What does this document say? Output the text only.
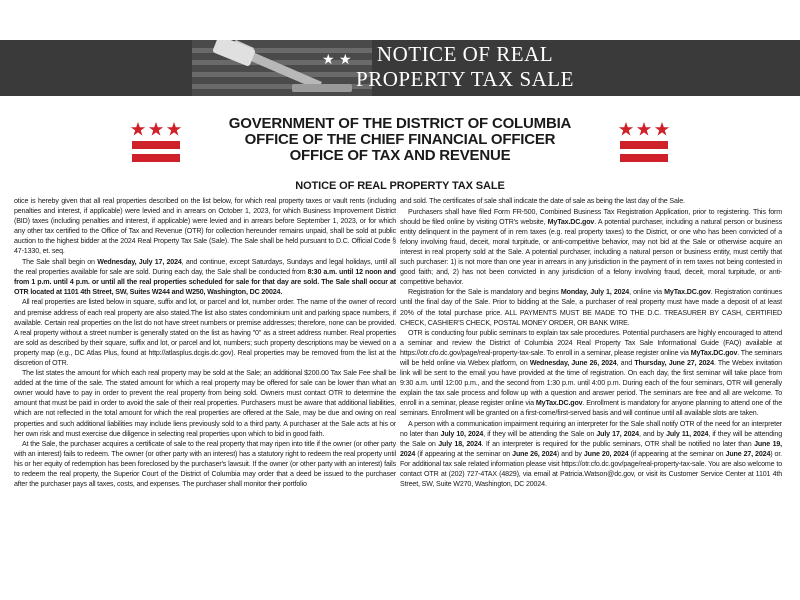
★ ★	NOTICE OF REAL
PROPERTY TAX SALE
GOVERNMENT OF THE DISTRICT OF COLUMBIA
OFFICE OF THE CHIEF FINANCIAL OFFICER
OFFICE OF TAX AND REVENUE
NOTICE OF REAL PROPERTY TAX SALE

otice is hereby given that all real properties described on the list below, for which real property taxes or vault rents (including penalties and interest, if applicable) were levied and in arrears on October 1, 2023, for which Business Improvement District (BID) taxes (including penalties and interest, if applicable) were levied and in arrears before September 1, 2023, or for which any other tax certified to the Office of Tax and Revenue (OTR) for collection hereunder remains unpaid, shall be sold at public auction to the highest bidder at the 2024 Real Property Tax Sale (Sale). The Sale shall be held pursuant to D.C. Official Code § 47-1330, et. seq.

The Sale shall begin on Wednesday, July 17, 2024, and continue, except Saturdays, Sundays and legal holidays, until all the real properties available for sale are sold. During each day, the Sale shall be conducted from 8:30 a.m. until 12 noon and from 1 p.m. until 4 p.m. or until all the real properties scheduled for sale for that day are sold. The Sale shall occur at OTR located at 1101 4th Street, SW, Suites W244 and W250, Washington, DC 20024.

All real properties are listed below in square, suffix and lot, or parcel and lot, number order. The name of the owner of record and premise address of each real property are also stated.The list also states condominium unit and parking space numbers, if available. Certain real properties on the list do not have street numbers or premise addresses; therefore, none can be provided. A real property without a street number is generally stated on the list as having "0" as a street address number. Real properties are sold as described by their square, suffix and lot, or parcel and lot, numbers; such property descriptions may be viewed on a property map (e.g., DC Atlas Plus, found at http://atlasplus.dcgis.dc.gov). Real properties may be removed from the list at the discretion of OTR.

The list states the amount for which each real property may be sold at the Sale; an additional $200.00 Tax Sale Fee shall be added at the time of the sale. The stated amount for which a real property may be offered for sale can be lower than what an owner would have to pay in order to prevent the real property from being sold. Owners must contact OTR to determine the amount that must be paid in order to avoid the sale of their real properties. Purchasers must be aware that additional liabilities, which are not reflected in the total amount for which the real properties are offered at the Sale, may be due and owing on real properties and such additional liabilities may include liens previously sold to a third party. A purchaser at the Sale acts at his or her own risk and must exercise due diligence in selecting real properties upon which to bid in good faith.

At the Sale, the purchaser acquires a certificate of sale to the real property that may ripen into title if the owner (or other party with an interest) fails to redeem. The owner (or other party with an interest) has a statutory right to redeem the real property until his or her equity of redemption has been foreclosed by the purchaser's lawsuit. If the owner (or other party with an interest) fails to redeem the real property, the Superior Court of the District of Columbia may order that a deed be issued to the purchaser after the purchaser pays all taxes, costs, and expenses. The purchaser shall monitor their portfolio

and sold. The certificates of sale shall indicate the date of sale as being the last day of the Sale.

Purchasers shall have filed Form FR-500, Combined Business Tax Registration Application, prior to registering. This form should be filed online by visiting OTR's website, MyTax.DC.gov. A potential purchaser, including a natural person or business entity delinquent in the payment of in rem taxes (e.g. real property taxes) to the District, or one who has been convicted of a felony involving fraud, deceit, moral turpitude, or anti-competitive behavior, may not bid at the Sale or otherwise acquire an interest in real property sold at the Sale. A potential purchaser, including a natural person or business entity, must certify that such purchaser: 1) is not more than one year in arrears in any jurisdiction in the payment of in rem taxes not being contested in good faith; and, 2) has not been convicted in any jurisdiction of a felony involving fraud, deceit, moral turpitude, or anti-competitive behavior.

Registration for the Sale is mandatory and begins Monday, July 1, 2024, online via MyTax.DC.gov. Registration continues until the final day of the Sale. Prior to bidding at the Sale, a purchaser of real property must have made a deposit of at least 20% of the total purchase price. ALL PAYMENTS MUST BE MADE TO THE D.C. TREASURER BY CASH, CERTIFIED CHECK, CASHIER'S CHECK, POSTAL MONEY ORDER, OR BANK WIRE.

OTR is conducting four public seminars to explain tax sale procedures. Potential purchasers are highly encouraged to attend a seminar and review the District of Columbia 2024 Real Property Tax Sale Informational Guide (FAQ) available at https://otr.cfo.dc.gov/page/real-property-tax-sale. To enroll in a seminar, please register online via MyTax.DC.gov. The seminars will be held online via Webex platform, on Wednesday, June 26, 2024, and Thursday, June 27, 2024. The Webex invitation link will be sent to the email you have provided at the time of registration. On each day, the first seminar will take place from 9:30 a.m. until 12:00 p.m., and the second from 1:30 p.m. until 4:00 p.m. During each of the four seminars, OTR will generally explain the tax sale process and follow up with a question and answer period. The seminars are free and all are welcome. To enroll in a seminar, please register online via MyTax.DC.gov. Enrollment is mandatory for anyone planning to attend one of the seminars. Enrollment will be granted on a first-come/first-served basis and will continue until all available slots are taken.

A person with a communication impairment requiring an interpreter for the Sale shall notify OTR of the need for an interpreter no later than July 10, 2024, if they will be attending the Sale on July 17, 2024, and by July 11, 2024, if they will be attending the Sale on July 18, 2024. If an interpreter is required for the public seminars, OTR shall be notified no later than June 19, 2024 (if appearing at the seminar on June 26, 2024) and by June 20, 2024 (if appearing at the seminar on June 27, 2024) or. For additional tax sale related information please visit https://otr.cfo.dc.gov/page/real-property-tax-sale. You are also welcome to contact OTR at (202) 727-4TAX (4829), via email at Patricia.Watson@dc.gov, or visit its Customer Service Center at 1101 4th Street, SW, Suite W270, Washington, DC 20024.
